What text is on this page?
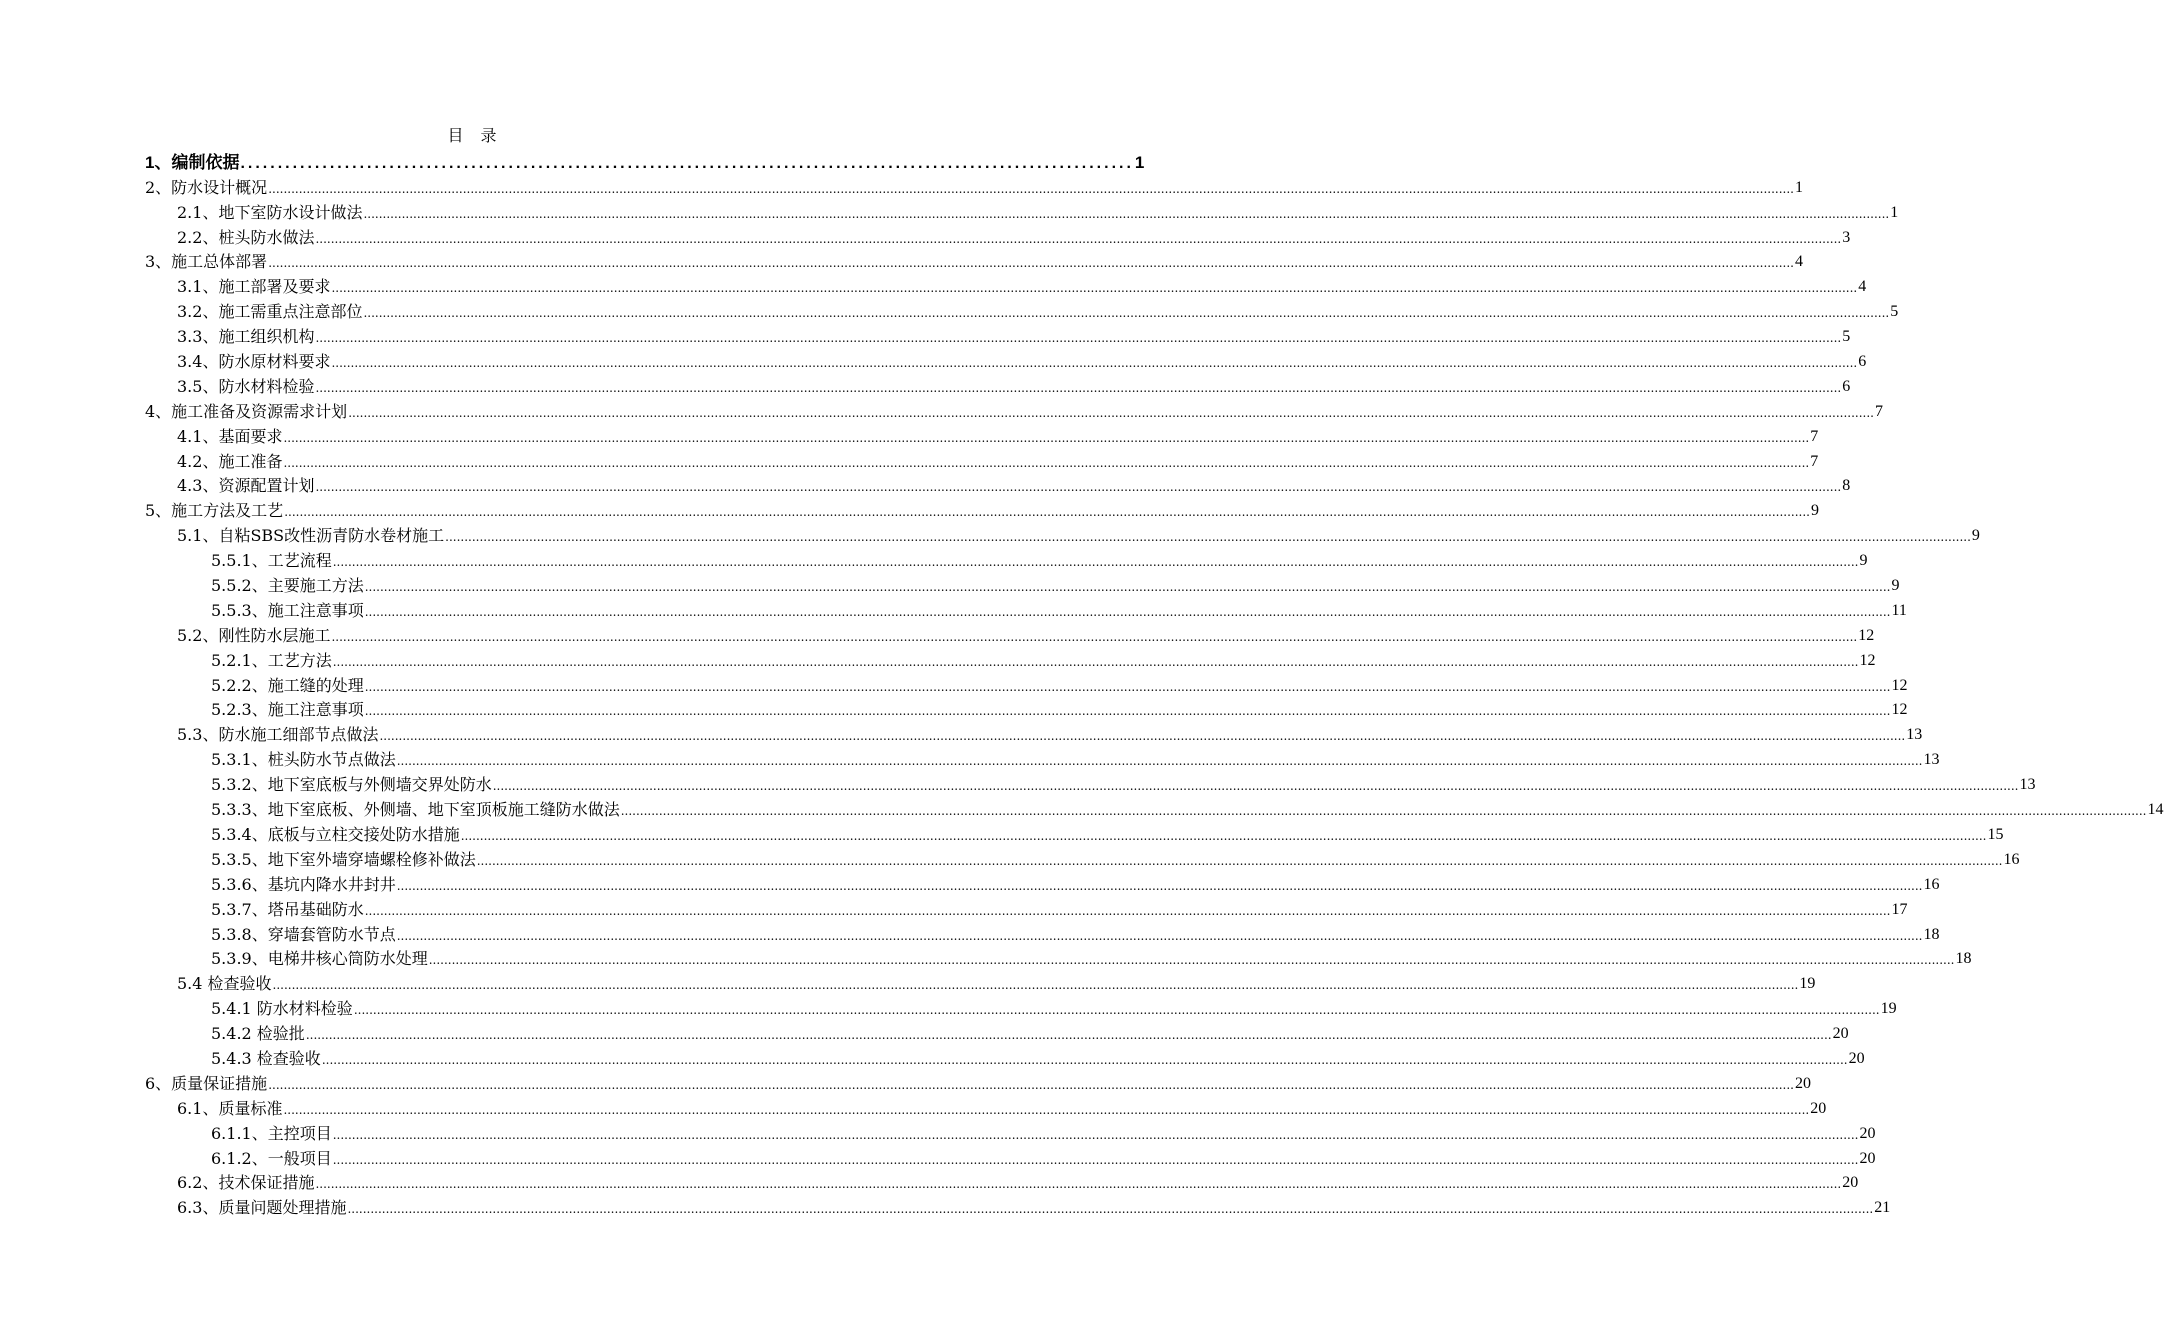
目 录
1、编制依据 ........................................................................................................................ 1
2、防水设计概况 ................................................................................................................................................................................................................................................................................................................................................................................................................ 1
2.1、地下室防水设计做法 ................................................................................................................................................................................................................................................................................................................................................................................................................ 1
2.2、桩头防水做法 ................................................................................................................................................................................................................................................................................................................................................................................................................ 3
3、施工总体部署 ................................................................................................................................................................................................................................................................................................................................................................................................................ 4
3.1、施工部署及要求 ................................................................................................................................................................................................................................................................................................................................................................................................................ 4
3.2、施工需重点注意部位 ................................................................................................................................................................................................................................................................................................................................................................................................................ 5
3.3、施工组织机构 ................................................................................................................................................................................................................................................................................................................................................................................................................ 5
3.4、防水原材料要求 ................................................................................................................................................................................................................................................................................................................................................................................................................ 6
3.5、防水材料检验 ................................................................................................................................................................................................................................................................................................................................................................................................................ 6
4、施工准备及资源需求计划 ................................................................................................................................................................................................................................................................................................................................................................................................................ 7
4.1、基面要求 ................................................................................................................................................................................................................................................................................................................................................................................................................ 7
4.2、施工准备 ................................................................................................................................................................................................................................................................................................................................................................................................................ 7
4.3、资源配置计划 ................................................................................................................................................................................................................................................................................................................................................................................................................ 8
5、施工方法及工艺 ................................................................................................................................................................................................................................................................................................................................................................................................................ 9
5.1、自粘SBS改性沥青防水卷材施工 ................................................................................................................................................................................................................................................................................................................................................................................................................ 9
5.5.1、工艺流程 ................................................................................................................................................................................................................................................................................................................................................................................................................ 9
5.5.2、主要施工方法 ................................................................................................................................................................................................................................................................................................................................................................................................................ 9
5.5.3、施工注意事项 ................................................................................................................................................................................................................................................................................................................................................................................................................ 11
5.2、刚性防水层施工 ................................................................................................................................................................................................................................................................................................................................................................................................................ 12
5.2.1、工艺方法 ................................................................................................................................................................................................................................................................................................................................................................................................................ 12
5.2.2、施工缝的处理 ................................................................................................................................................................................................................................................................................................................................................................................................................ 12
5.2.3、施工注意事项 ................................................................................................................................................................................................................................................................................................................................................................................................................ 12
5.3、防水施工细部节点做法 ................................................................................................................................................................................................................................................................................................................................................................................................................ 13
5.3.1、桩头防水节点做法 ................................................................................................................................................................................................................................................................................................................................................................................................................ 13
5.3.2、地下室底板与外侧墙交界处防水 ................................................................................................................................................................................................................................................................................................................................................................................................................ 13
5.3.3、地下室底板、外侧墙、地下室顶板施工缝防水做法 ................................................................................................................................................................................................................................................................................................................................................................................................................ 14
5.3.4、底板与立柱交接处防水措施 ................................................................................................................................................................................................................................................................................................................................................................................................................ 15
5.3.5、地下室外墙穿墙螺栓修补做法 ................................................................................................................................................................................................................................................................................................................................................................................................................ 16
5.3.6、基坑内降水井封井 ................................................................................................................................................................................................................................................................................................................................................................................................................ 16
5.3.7、塔吊基础防水 ................................................................................................................................................................................................................................................................................................................................................................................................................ 17
5.3.8、穿墙套管防水节点 ................................................................................................................................................................................................................................................................................................................................................................................................................ 18
5.3.9、电梯井核心筒防水处理 ................................................................................................................................................................................................................................................................................................................................................................................................................ 18
5.4 检查验收 ................................................................................................................................................................................................................................................................................................................................................................................................................ 19
5.4.1 防水材料检验 ................................................................................................................................................................................................................................................................................................................................................................................................................ 19
5.4.2 检验批 ................................................................................................................................................................................................................................................................................................................................................................................................................ 20
5.4.3 检查验收 ................................................................................................................................................................................................................................................................................................................................................................................................................ 20
6、质量保证措施 ................................................................................................................................................................................................................................................................................................................................................................................................................ 20
6.1、质量标准 ................................................................................................................................................................................................................................................................................................................................................................................................................ 20
6.1.1、主控项目 ................................................................................................................................................................................................................................................................................................................................................................................................................ 20
6.1.2、一般项目 ................................................................................................................................................................................................................................................................................................................................................................................................................ 20
6.2、技术保证措施 ................................................................................................................................................................................................................................................................................................................................................................................................................ 20
6.3、质量问题处理措施 ................................................................................................................................................................................................................................................................................................................................................................................................................ 21
